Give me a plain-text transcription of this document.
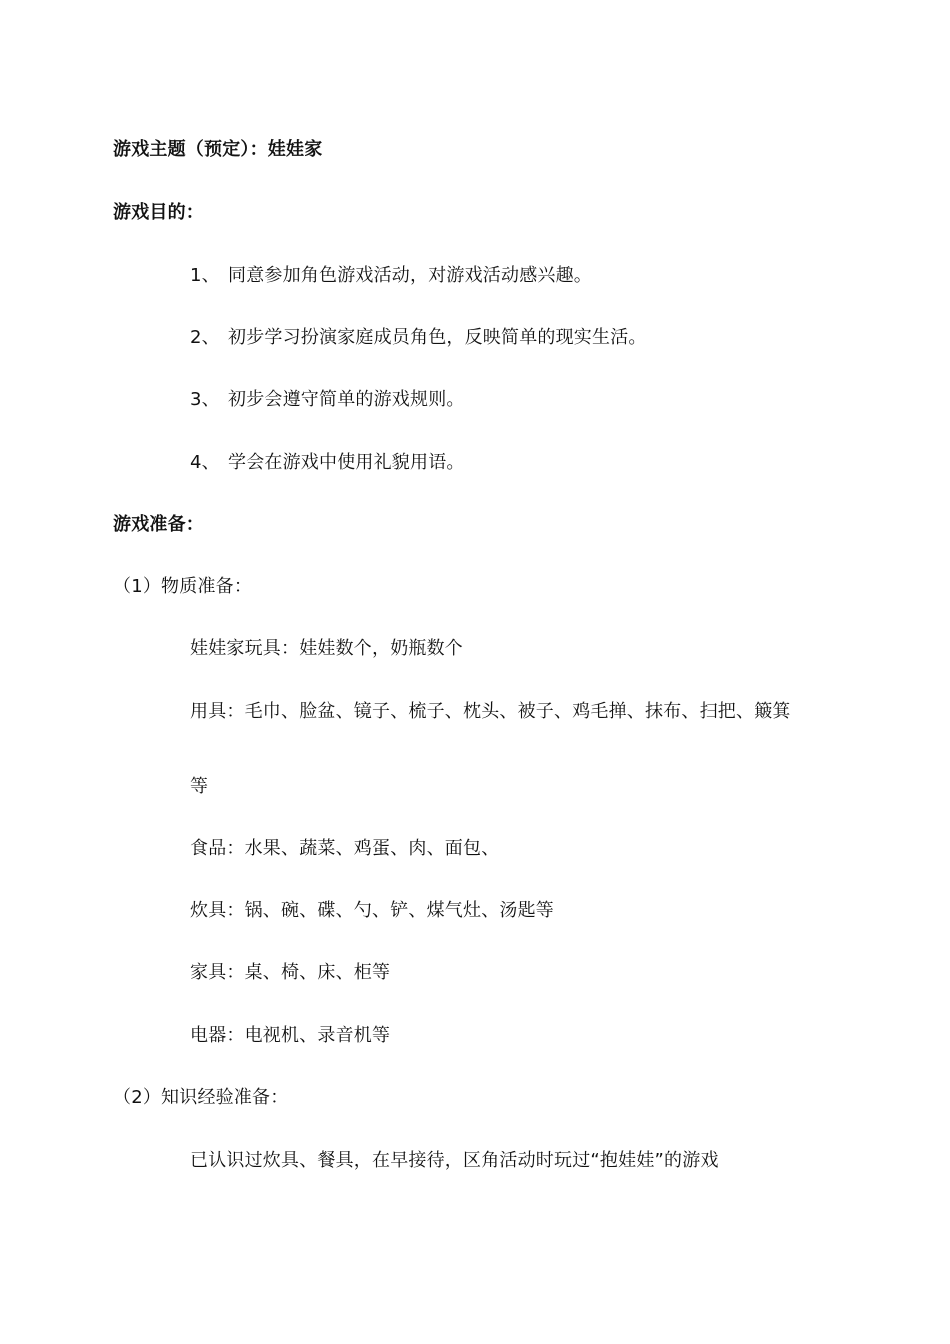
游戏主题（预定）：娃娃家
游戏目的：
1、 同意参加角色游戏活动，对游戏活动感兴趣。
2、 初步学习扮演家庭成员角色，反映简单的现实生活。
3、 初步会遵守简单的游戏规则。
4、 学会在游戏中使用礼貌用语。
游戏准备：
（1）物质准备：
娃娃家玩具：娃娃数个，奶瓶数个
用具：毛巾、脸盆、镜子、梳子、枕头、被子、鸡毛掸、抹布、扫把、簸箕
等
食品：水果、蔬菜、鸡蛋、肉、面包、
炊具：锅、碗、碟、勺、铲、煤气灶、汤匙等
家具：桌、椅、床、柜等
电器：电视机、录音机等
（2）知识经验准备：
已认识过炊具、餐具，在早接待，区角活动时玩过“抱娃娃”的游戏
